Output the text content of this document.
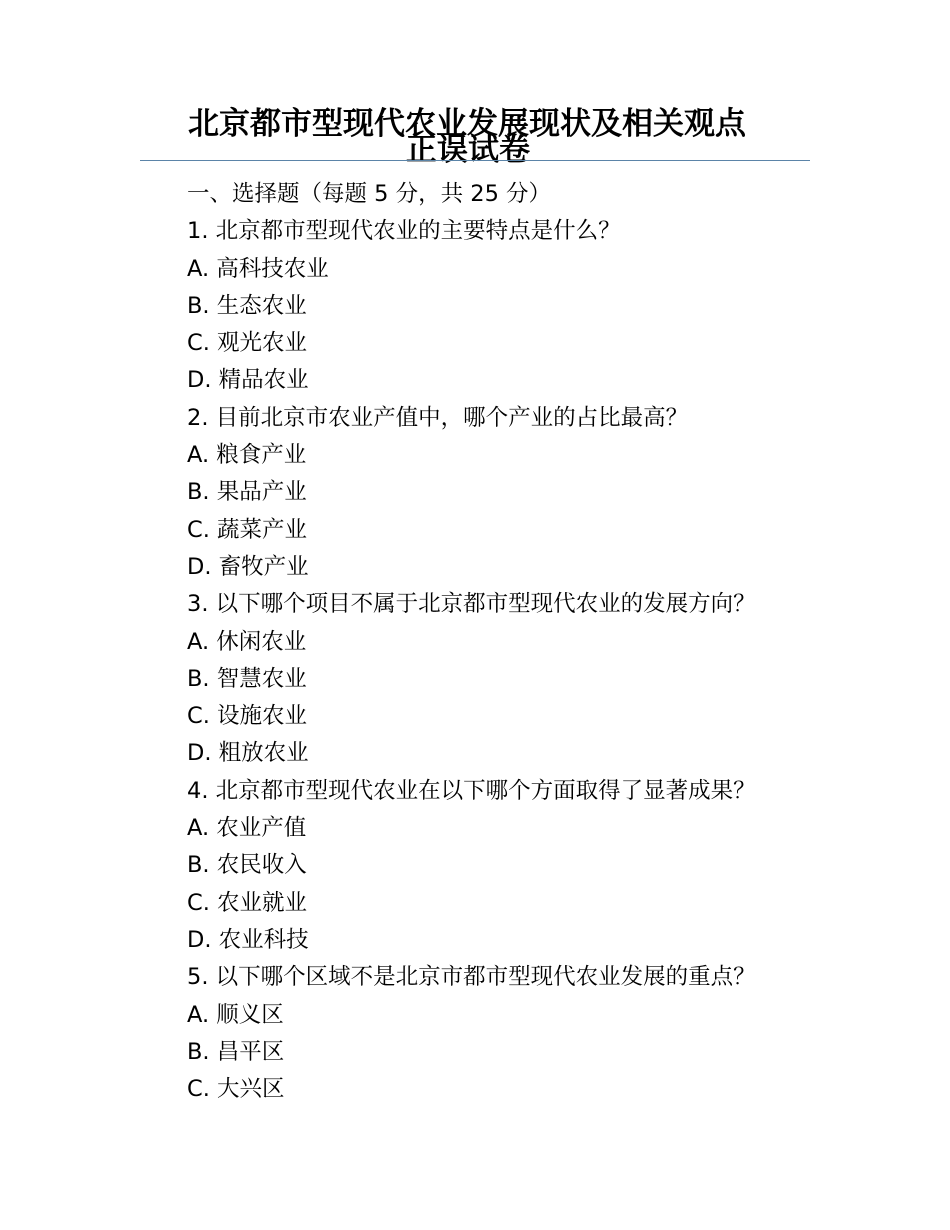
北京都市型现代农业发展现状及相关观点
正误试卷
一、选择题（每题 5 分，共 25 分）
1. 北京都市型现代农业的主要特点是什么？
A. 高科技农业
B. 生态农业
C. 观光农业
D. 精品农业
2. 目前北京市农业产值中，哪个产业的占比最高？
A. 粮食产业
B. 果品产业
C. 蔬菜产业
D. 畜牧产业
3. 以下哪个项目不属于北京都市型现代农业的发展方向？
A. 休闲农业
B. 智慧农业
C. 设施农业
D. 粗放农业
4. 北京都市型现代农业在以下哪个方面取得了显著成果？
A. 农业产值
B. 农民收入
C. 农业就业
D. 农业科技
5. 以下哪个区域不是北京市都市型现代农业发展的重点？
A. 顺义区
B. 昌平区
C. 大兴区
